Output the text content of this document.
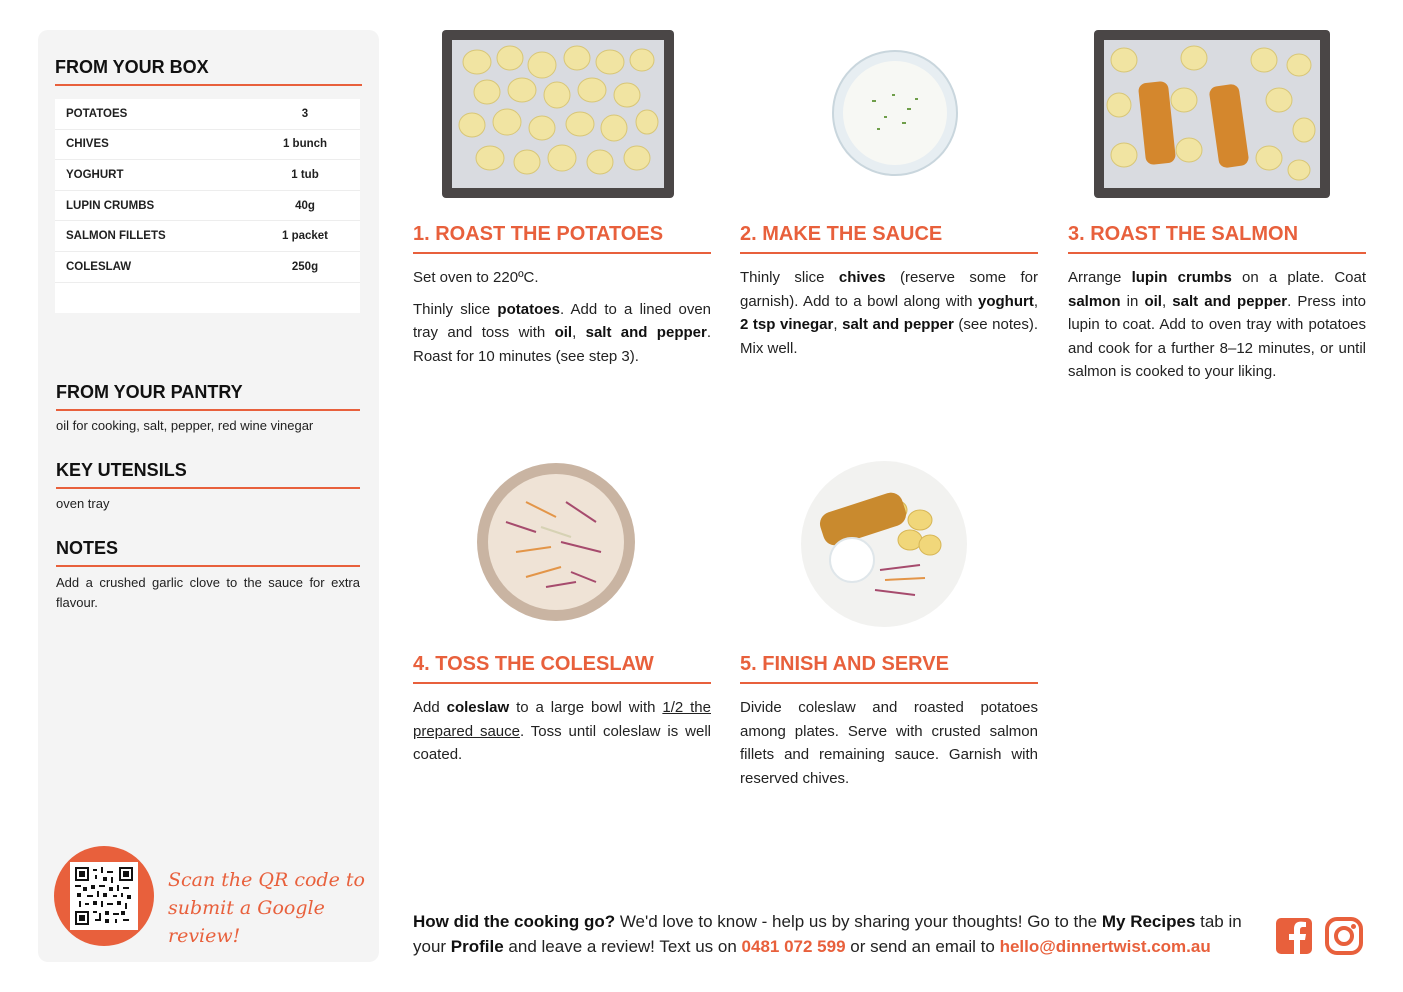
FROM YOUR BOX
POTATOES	3
CHIVES	1 bunch
YOGHURT	1 tub
LUPIN CRUMBS	40g
SALMON FILLETS	1 packet
COLESLAW	250g
FROM YOUR PANTRY
oil for cooking, salt, pepper, red wine vinegar
KEY UTENSILS
oven tray
NOTES
Add a crushed garlic clove to the sauce for extra flavour.
Scan the QR code to
submit a Google review!
1. ROAST THE POTATOES

Set oven to 220ºC.

Thinly slice potatoes. Add to a lined oven tray and toss with oil, salt and pepper. Roast for 10 minutes (see step 3).

2. MAKE THE SAUCE

Thinly slice chives (reserve some for garnish). Add to a bowl along with yoghurt, 2 tsp vinegar, salt and pepper (see notes). Mix well.

3. ROAST THE SALMON

Arrange lupin crumbs on a plate. Coat salmon in oil, salt and pepper. Press into lupin to coat. Add to oven tray with potatoes and cook for a further 8–12 minutes, or until salmon is cooked to your liking.

4. TOSS THE COLESLAW

Add coleslaw to a large bowl with 1/2 the prepared sauce. Toss until coleslaw is well coated.

5. FINISH AND SERVE

Divide coleslaw and roasted potatoes among plates. Serve with crusted salmon fillets and remaining sauce. Garnish with reserved chives.

How did the cooking go? We'd love to know - help us by sharing your thoughts! Go to the My Recipes tab in your Profile and leave a review! Text us on 0481 072 599 or send an email to hello@dinnertwist.com.au
